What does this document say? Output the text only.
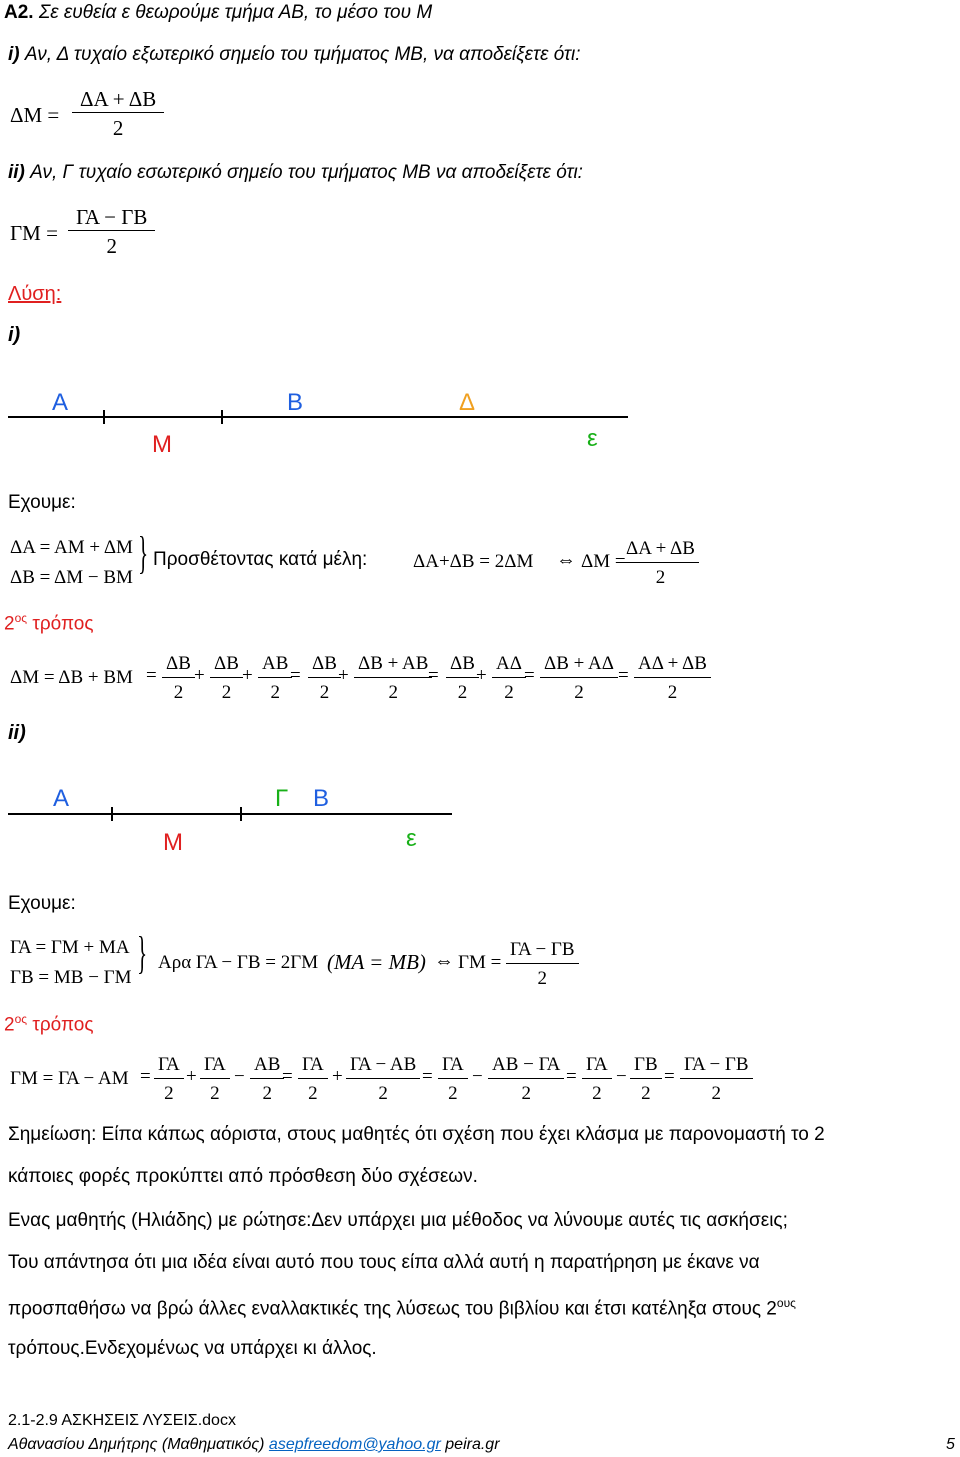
Α2. Σε ευθεία ε θεωρούμε τμήμα ΑΒ, το μέσο του Μ
i) Αν, Δ τυχαίο εξωτερικό σημείο του τμήματος ΜΒ, να αποδείξετε ότι:
$\Delta M = \frac{\Delta A + \Delta B}{2}$
ii) Αν, Γ τυχαίο εσωτερικό σημείο του τμήματος ΜΒ να αποδείξετε ότι:
$\Gamma M = \frac{\Gamma A - \Gamma B}{2}$
Λύση:
i)
Α	Β	Δ
Μ	ε
Εχουμε:
ΔΑ = ΑΜ + ΔΜ
ΔΒ = ΔΜ − ΒΜ } Προσθέτοντας κατά μέλη: ΔΑ+ΔΒ = 2ΔΜ ⇔ ΔΜ =
$\frac{\Delta A + \Delta B}{2}$
$2^{o\varsigma}$ τρόπος
$\Delta M = \Delta B + BM = \frac{\Delta B}{2} + \frac{\Delta B}{2} + \frac{AB}{2}$
= $\frac{\Delta B}{2}$
+ $\frac{\Delta B + AB}{2}$
= $\frac{\Delta B}{2}$
+ $\frac{A\Delta}{2}$
= $\frac{\Delta B + A\Delta}{2} = \frac{A\Delta + \Delta B}{2}$
ii)
Α	Γ Β
Μ	ε
Εχουμε:
ΓΑ = ΓΜ + ΜΑ
ΓΒ = ΜΒ − ΓΜ } Αρα ΓΑ − ΓΒ = 2ΓΜ (ΜΑ = ΜΒ) ⇔ $\Gamma M = \frac{\Gamma A - \Gamma B}{2}$
$2^{o\varsigma}$ τρόπος
$\Gamma M = \Gamma A - AM = \frac{\Gamma A}{2} + \frac{\Gamma A}{2} - \frac{AB}{2}$
= $\frac{\Gamma A}{2} + \frac{\Gamma A - AB}{2} = \frac{\Gamma A}{2} - \frac{AB - \Gamma A}{2} = \frac{\Gamma A}{2} - \frac{\Gamma B}{2} = \frac{\Gamma A - \Gamma B}{2}$
Σημείωση: Είπα κάπως αόριστα, στους μαθητές ότι σχέση που έχει κλάσμα με παρονομαστή το 2
κάποιες φορές προκύπτει από πρόσθεση δύο σχέσεων.
Ενας μαθητής (Ηλιάδης) με ρώτησε:Δεν υπάρχει μια μέθοδος να λύνουμε αυτές τις ασκήσεις;
Του απάντησα ότι μια ιδέα είναι αυτό που τους είπα αλλά αυτή η παρατήρηση με έκανε να
προσπαθήσω να βρώ άλλες εναλλακτικές της λύσεως του βιβλίου και έτσι κατέληξα στους $2^{o\upsilon\varsigma}$
τρόπους.Ενδεχομένως να υπάρχει κι άλλος.
2.1-2.9 ΑΣΚΗΣΕΙΣ ΛΥΣΕΙΣ.docx
Αθανασίου Δημήτρης (Μαθηματικός) asepfreedom@yahoo.gr peira.gr	5
